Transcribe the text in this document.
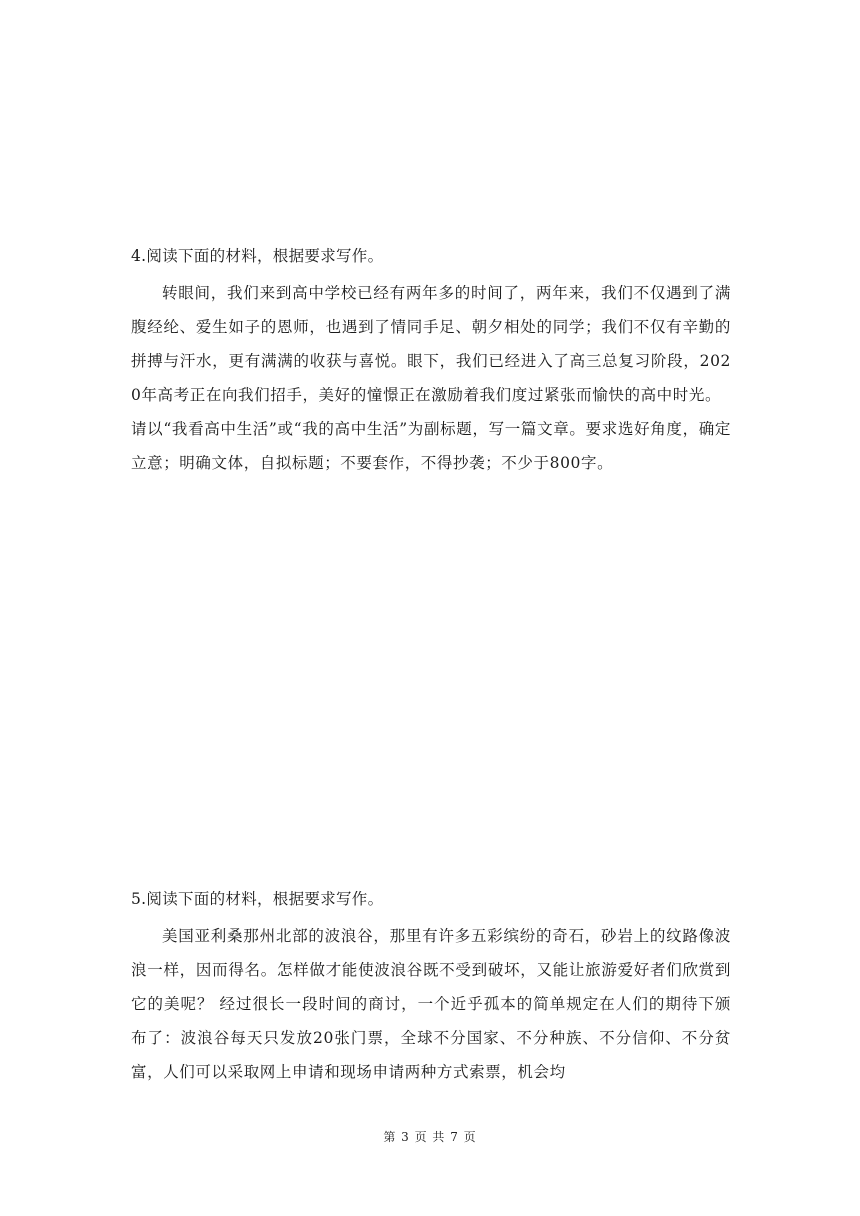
4.阅读下面的材料，根据要求写作。

转眼间，我们来到高中学校已经有两年多的时间了，两年来，我们不仅遇到了满腹经纶、爱生如子的恩师，也遇到了情同手足、朝夕相处的同学；我们不仅有辛勤的拼搏与汗水，更有满满的收获与喜悦。眼下，我们已经进入了高三总复习阶段，2020年高考正在向我们招手，美好的憧憬正在激励着我们度过紧张而愉快的高中时光。

请以“我看高中生活”或“我的高中生活”为副标题，写一篇文章。要求选好角度，确定立意；明确文体，自拟标题；不要套作，不得抄袭；不少于800字。

5.阅读下面的材料，根据要求写作。

美国亚利桑那州北部的波浪谷，那里有许多五彩缤纷的奇石，砂岩上的纹路像波浪一样，因而得名。怎样做才能使波浪谷既不受到破坏，又能让旅游爱好者们欣赏到它的美呢？ 经过很长一段时间的商讨，一个近乎孤本的简单规定在人们的期待下颁布了：波浪谷每天只发放20张门票，全球不分国家、不分种族、不分信仰、不分贫富，人们可以采取网上申请和现场申请两种方式索票，机会均

第 3 页 共 7 页
